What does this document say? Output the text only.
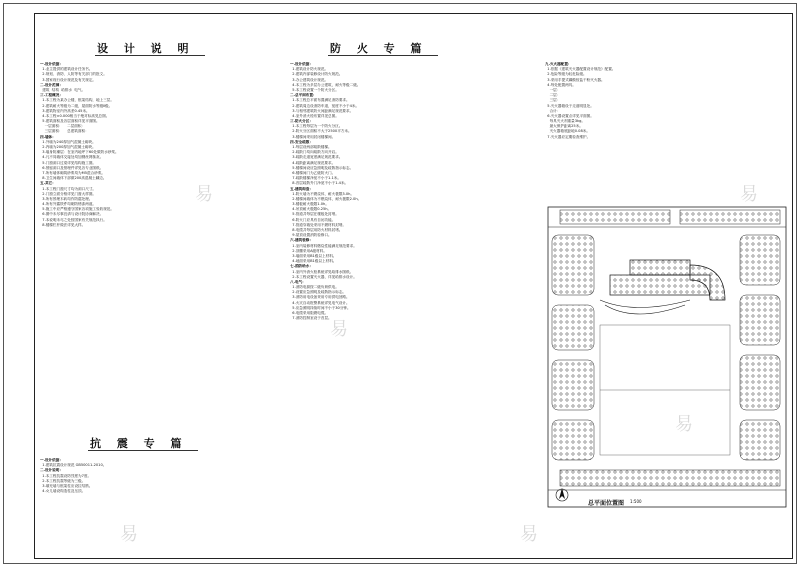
设 计 说 明	防 火 专 篇
抗 震 专 篇
一.设计依据：
1.业主提供的建筑设计任务书。
2.规划、消防、人防等有关部门的批文。
3.国家现行设计规范及有关规定。
二.设计范围：
建筑  结构  给排水  电气。
三.工程概况：
1.本工程为某办公楼，框架结构，地上三层。
2.建筑耐火等级为二级，屋面防水等级Ⅱ级。
3.建筑物室内外高差0.45米。
4.本工程±0.000相当于绝对标高见总图。
5.建筑面积及各层面积详见平面图。
一层面积：    二层面积：
三层面积：    总建筑面积：
四.墙体：
1.外墙为240厚加气混凝土砌块。
2.内墙为200厚加气混凝土砌块。
3.墙身防潮层：在室内地坪下60处做防水砂浆。
4.凡不同墙体交接处均加钢丝网抹灰。
5.门窗洞口过梁详见结构施工图。
6.预留洞口及预埋件详见各专业图纸。
7.所有墙体砌筑砂浆均为M5混合砂浆。
8.卫生间墙体下部做200高混凝土翻边。
五.其它：
1.本工程门窗尺寸均为洞口尺寸。
2.门窗立面分格详见门窗大样图。
3.所有预埋木砖均作防腐处理。
4.所有外露铁件均刷防锈漆两道。
5.施工中应严格遵守国家各项施工验收规范。
6.图中未尽事宜请与设计院协商解决。
7.本说明未尽之处按国家有关规范执行。
8.楼梯栏杆做法详见大样。
一.设计依据：
1.建筑抗震设计规范 GB50011-2010。
二.设计说明：
1.本工程抗震设防烈度为7度。
2.本工程抗震等级为三级。
3.填充墙与框架柱应设拉结筋。
4.女儿墙设构造柱及压顶。
一.设计依据：
1.建筑设计防火规范。
2.建筑内部装修设计防火规范。
3.办公建筑设计规范。
4.本工程为多层办公建筑，耐火等级二级。
5.本工程设置一个防火分区。
二.总平面布置：
1.本工程总平面布置满足消防要求。
2.建筑周边设消防车道，宽度不小于4米。
3.与相邻建筑防火间距满足规范要求。
4.室外消火栓布置详见总图。
三.防火分区：
1.本工程每层为一个防火分区。
2.防火分区面积不大于2500平方米。
3.楼梯间采用封闭楼梯间。
四.安全疏散：
1.每层设两部疏散楼梯。
2.疏散门均向疏散方向开启。
3.疏散走道宽度满足规范要求。
4.疏散距离满足规范要求。
5.楼梯间设应急照明及疏散指示标志。
6.楼梯间门为乙级防火门。
7.疏散楼梯净宽不小于1.1米。
8.首层疏散外门净宽不小于1.4米。
五.建筑构造：
1.防火墙为不燃烧体，耐火极限3.0h。
2.楼梯间墙体为不燃烧体，耐火极限2.0h。
3.楼板耐火极限1.0h。
4.吊顶耐火极限0.25h。
5.管道井每层在楼板处封堵。
6.防火门应具有自闭功能。
7.管道穿墙处采用不燃材料封堵。
8.电缆井每层用防火材料封堵。
9.屋顶设置消防检修口。
六.建筑装修：
1.室内装修材料燃烧性能满足规范要求。
2.顶棚采用A级材料。
3.墙面采用B1级以上材料。
4.地面采用B1级以上材料。
七.消防给水：
1.室内外消火栓系统详见给排水图纸。
2.本工程设置灭火器，详见给排水设计。
八.电气：
1.消防电源按二级负荷供电。
2.设置应急照明及疏散指示标志。
3.消防用电设备采用专用供电回路。
4.火灾自动报警系统详见电气设计。
5.应急照明持续时间不小于30分钟。
6.电缆采用阻燃电缆。
7.消防控制室设于首层。
九.灭火器配置：
1.依据《建筑灭火器配置设计规范》配置。
2.危险等级为轻危险级。
3.采用手提式磷酸铵盐干粉灭火器。
4.每处配置两具。
一层：
二层：
三层：
5.灭火器箱设于走道明显处。
合计：
6.灭火器设置点详见平面图。
每具灭火剂重量3kg。
最大保护距离25米。
灭火器箱底距地0.08米。
7.灭火器应定期检查维护。
总平面位置图 1:500
易
易
易
易
易
易
